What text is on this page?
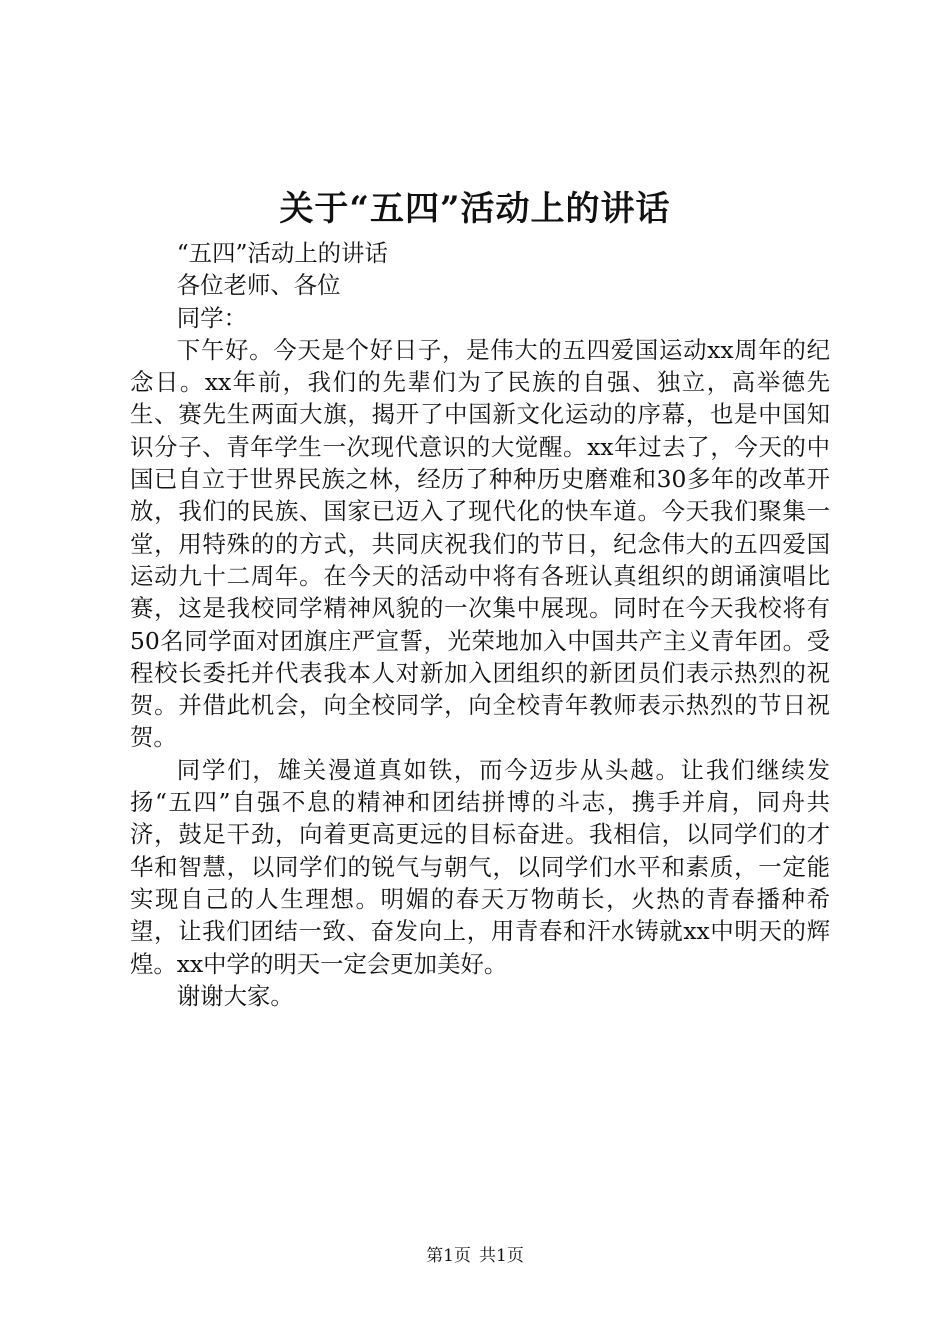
关于“五四”活动上的讲话

“五四”活动上的讲话

各位老师、各位

同学：

下午好。今天是个好日子，是伟大的五四爱国运动xx周年的纪念日。xx年前，我们的先辈们为了民族的自强、独立，高举德先生、赛先生两面大旗，揭开了中国新文化运动的序幕，也是中国知识分子、青年学生一次现代意识的大觉醒。xx年过去了，今天的中国已自立于世界民族之林，经历了种种历史磨难和30多年的改革开放，我们的民族、国家已迈入了现代化的快车道。今天我们聚集一堂，用特殊的的方式，共同庆祝我们的节日，纪念伟大的五四爱国运动九十二周年。在今天的活动中将有各班认真组织的朗诵演唱比赛，这是我校同学精神风貌的一次集中展现。同时在今天我校将有50名同学面对团旗庄严宣誓，光荣地加入中国共产主义青年团。受程校长委托并代表我本人对新加入团组织的新团员们表示热烈的祝贺。并借此机会，向全校同学，向全校青年教师表示热烈的节日祝贺。

同学们，雄关漫道真如铁，而今迈步从头越。让我们继续发扬“五四”自强不息的精神和团结拼博的斗志，携手并肩，同舟共济，鼓足干劲，向着更高更远的目标奋进。我相信，以同学们的才华和智慧，以同学们的锐气与朝气，以同学们水平和素质，一定能实现自己的人生理想。明媚的春天万物萌长，火热的青春播种希望，让我们团结一致、奋发向上，用青春和汗水铸就xx中明天的辉煌。xx中学的明天一定会更加美好。

谢谢大家。

第1页 共1页
